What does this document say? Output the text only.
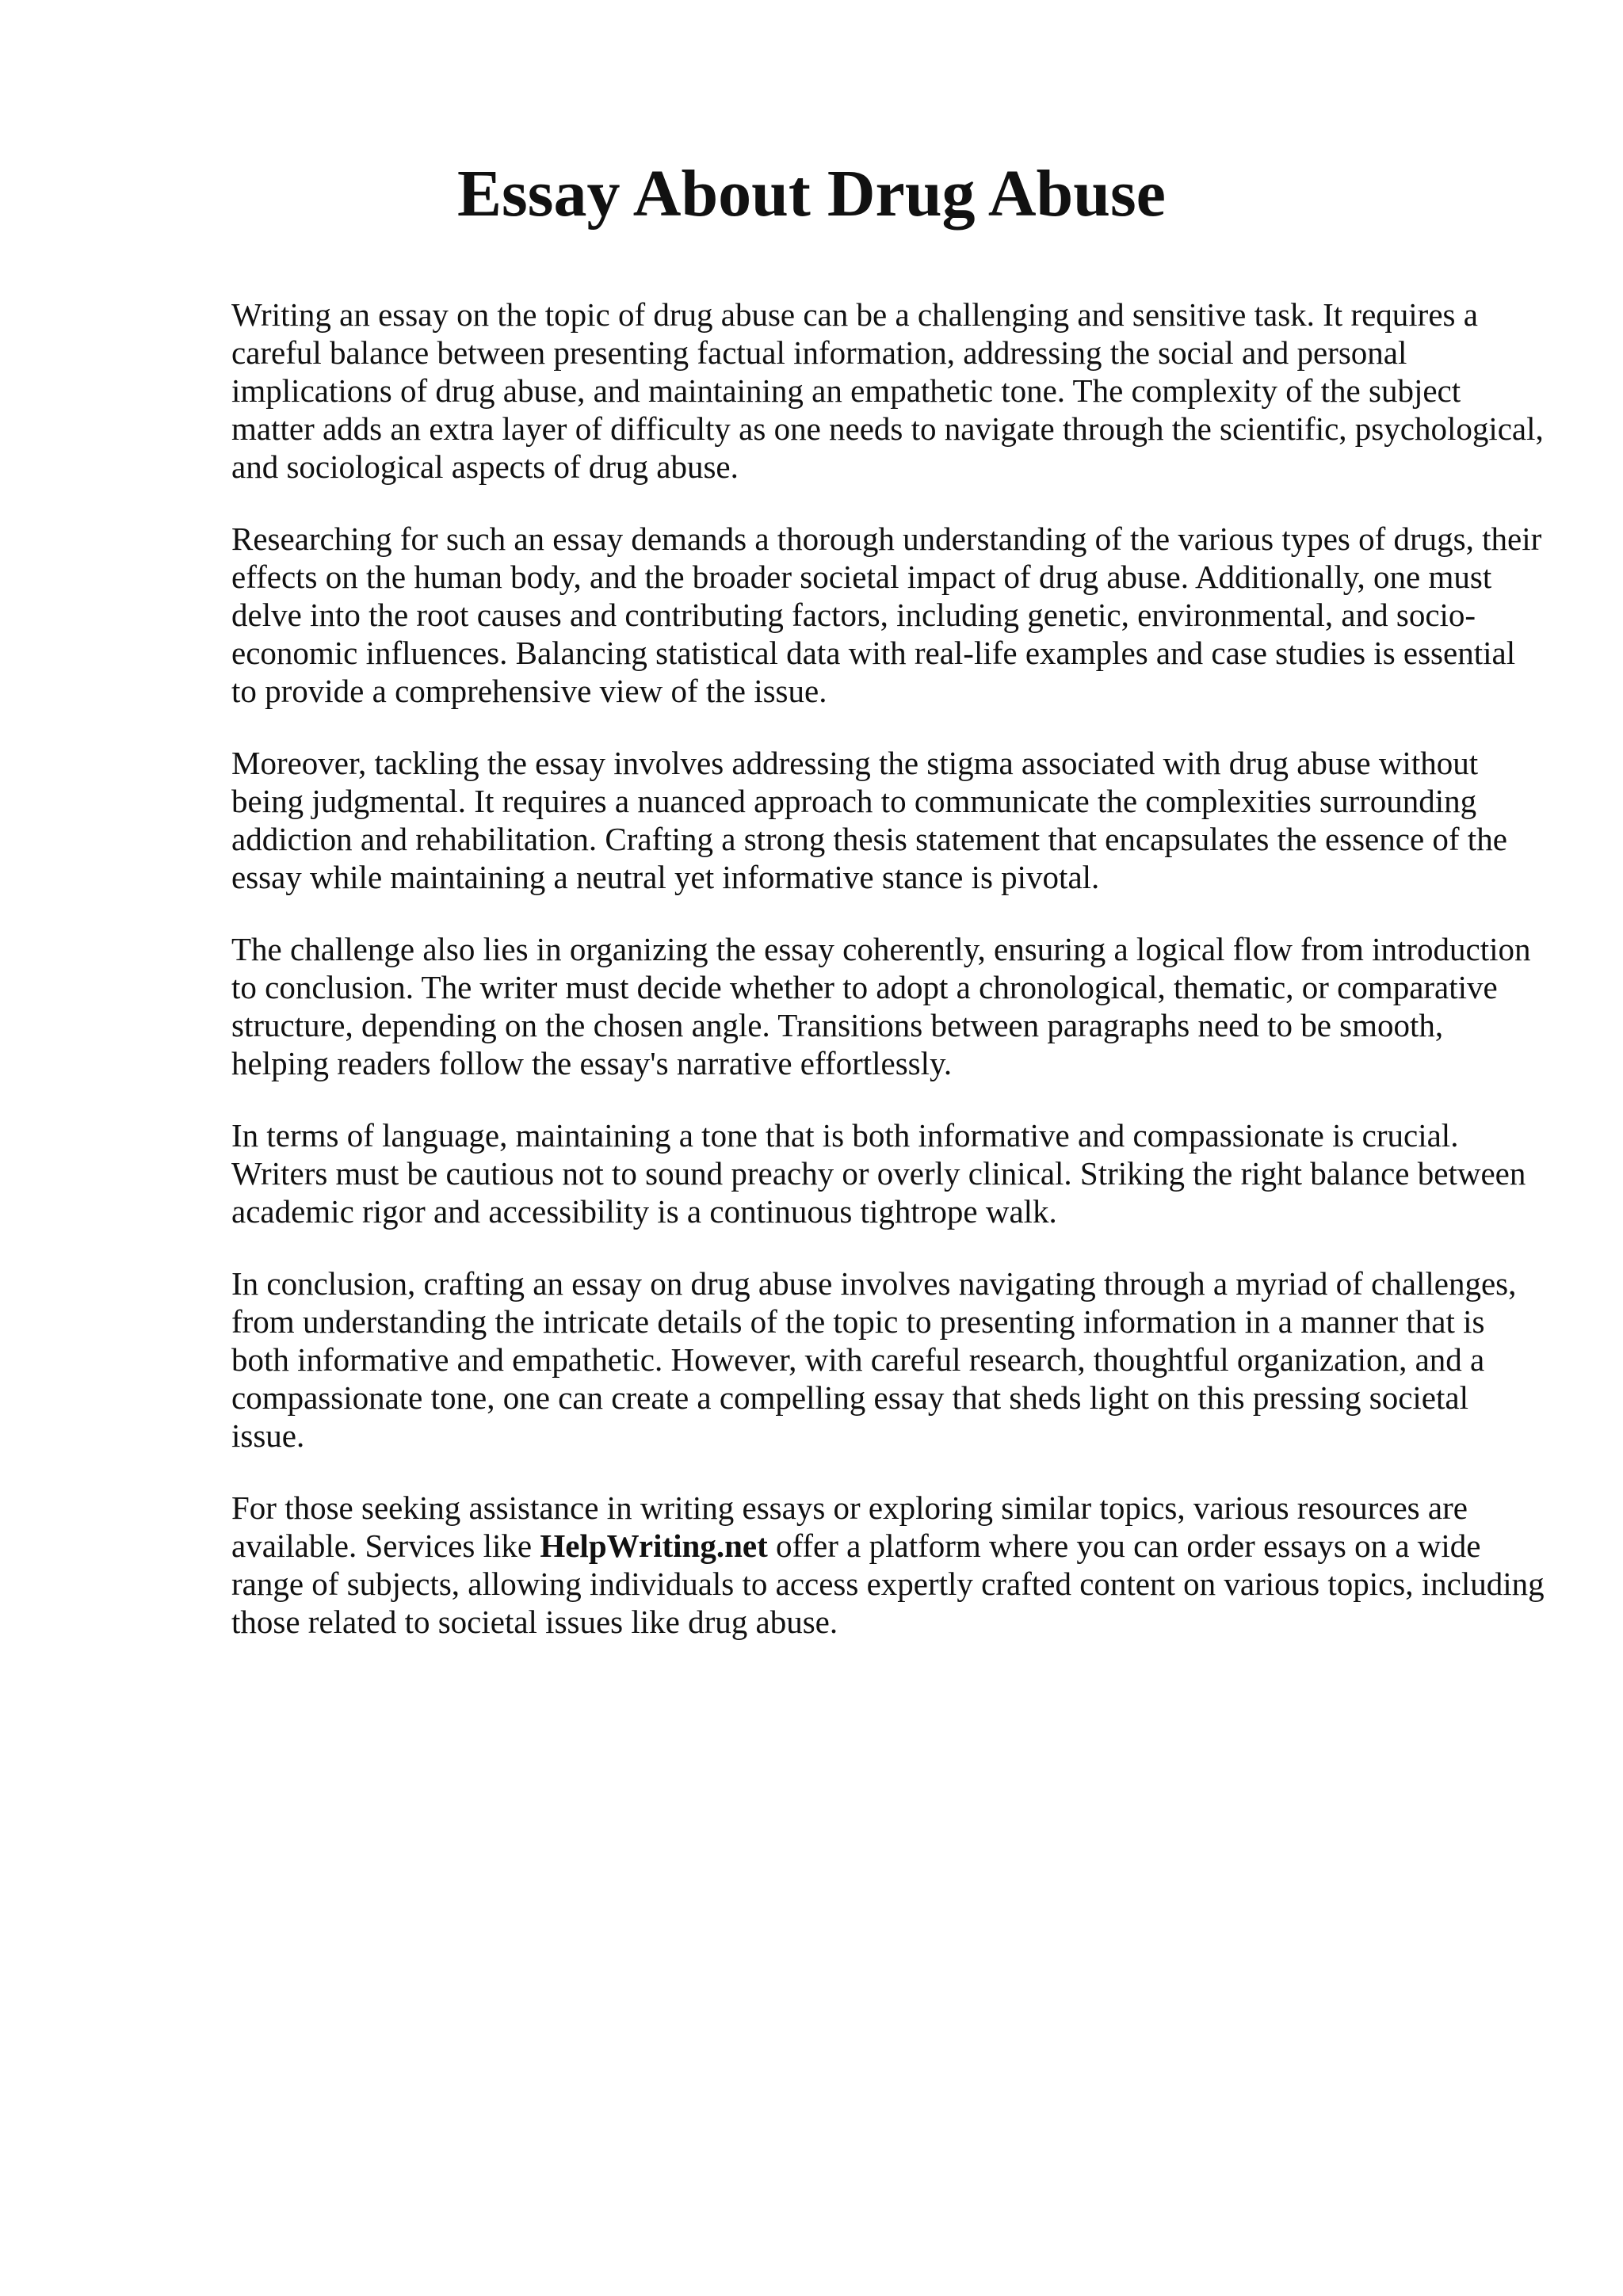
Essay About Drug Abuse

Writing an essay on the topic of drug abuse can be a challenging and sensitive task. It requires a careful balance between presenting factual information, addressing the social and personal implications of drug abuse, and maintaining an empathetic tone. The complexity of the subject matter adds an extra layer of difficulty as one needs to navigate through the scientific, psychological, and sociological aspects of drug abuse.

Researching for such an essay demands a thorough understanding of the various types of drugs, their effects on the human body, and the broader societal impact of drug abuse. Additionally, one must delve into the root causes and contributing factors, including genetic, environmental, and socio-economic influences. Balancing statistical data with real-life examples and case studies is essential to provide a comprehensive view of the issue.

Moreover, tackling the essay involves addressing the stigma associated with drug abuse without being judgmental. It requires a nuanced approach to communicate the complexities surrounding addiction and rehabilitation. Crafting a strong thesis statement that encapsulates the essence of the essay while maintaining a neutral yet informative stance is pivotal.

The challenge also lies in organizing the essay coherently, ensuring a logical flow from introduction to conclusion. The writer must decide whether to adopt a chronological, thematic, or comparative structure, depending on the chosen angle. Transitions between paragraphs need to be smooth, helping readers follow the essay's narrative effortlessly.

In terms of language, maintaining a tone that is both informative and compassionate is crucial. Writers must be cautious not to sound preachy or overly clinical. Striking the right balance between academic rigor and accessibility is a continuous tightrope walk.

In conclusion, crafting an essay on drug abuse involves navigating through a myriad of challenges, from understanding the intricate details of the topic to presenting information in a manner that is both informative and empathetic. However, with careful research, thoughtful organization, and a compassionate tone, one can create a compelling essay that sheds light on this pressing societal issue.

For those seeking assistance in writing essays or exploring similar topics, various resources are available. Services like HelpWriting.net offer a platform where you can order essays on a wide range of subjects, allowing individuals to access expertly crafted content on various topics, including those related to societal issues like drug abuse.
